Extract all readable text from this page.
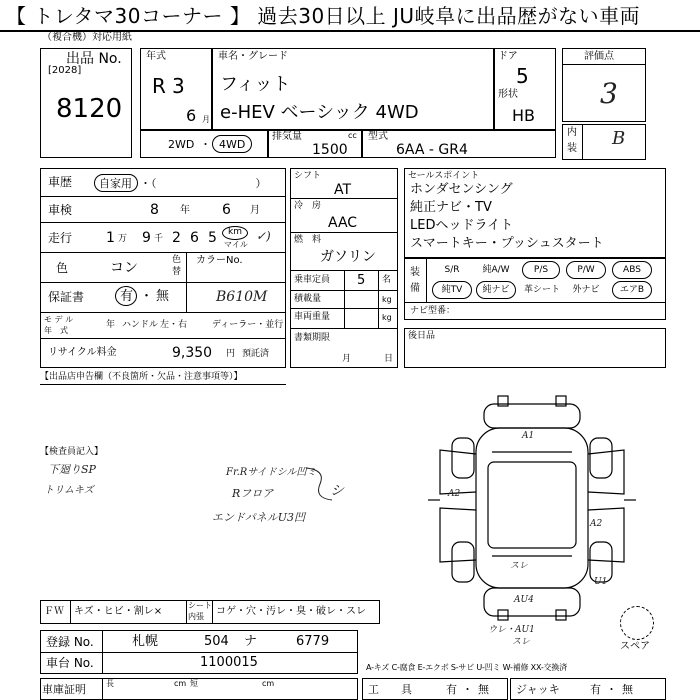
【 トレタマ30コーナー 】 過去30日以上 JU岐阜に出品歴がない車両
（複合機）対応用紙
[2028]
出品 No.
8120
年式
R 3
6 月
車名・グレード
フィット
e-HEV ベーシック 4WD
ドア
5
形状
HB
評価点
3
内
装 B
2WD ・ 4WD
排気量	cc
1500
型式
6AA - GR4
車歴 自家用 ・（　　　　　　　　　）
車検	8 年 6 月
走行 1 万 9 千 2 6 5 km
マイル
✓)
色	コン	色
替
カラーNo.
保証書	有 ・ 無	B610M
モ デ ル
年　式
年 ハンドル 左・右	ディーラー・並行
リサイクル料金	9,350 円 預託済
シフト
AT
冷　房
AAC
燃　料
ガソリン
乗車定員 5 名
積載量	kg
車両重量	kg
書類期限
月	日
セールスポイント
ホンダセンシング
純正ナビ・TV
LEDヘッドライト
スマートキー・プッシュスタート
装
備
S/R	純A/W	P/S	P/W	ABS
純TV	純ナビ	革シート	外ナビ	エアB
ナビ型番：
後日品
【出品店申告欄（不良箇所・欠品・注意事項等）】
【検査員記入】
下廻りSP
トリムキズ
Fr.Rサイドシル凹ミ
Rフロア
エンドパネルU3凹
シ
A1
A2
A2
U1
AU4
スレ
ウレ・AU1
スレ	スペア
ＦＷ キズ・ヒビ・割レ×
シート
内張 コゲ・穴・汚レ・臭・破レ・スレ
登録 No.	札幌	504 ナ	6779
車台 No.	1100015	A-キズ C-腐食 E-エクボ S-サビ U-凹ミ W-補修 XX-交換済
車庫証明	長	短
cm	cm	工　　具	有 ・ 無 ジャッキ	有 ・ 無
